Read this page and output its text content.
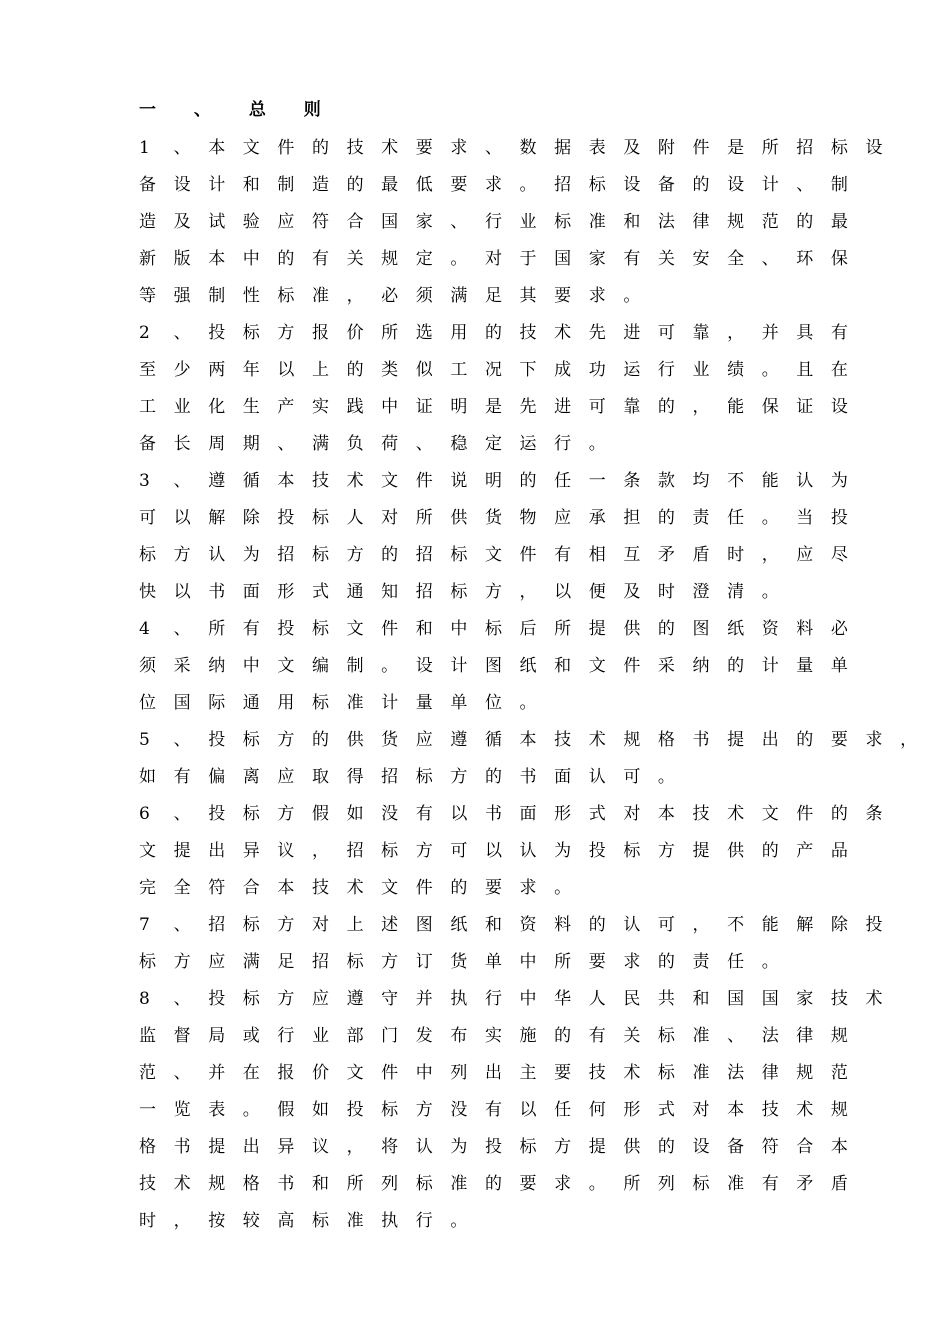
一 、 总 则
1 、 本 文 件 的 技 术 要 求 、 数 据 表 及 附 件 是 所 招 标 设
备 设 计 和 制 造 的 最 低 要 求 。 招 标 设 备 的 设 计 、 制
造 及 试 验 应 符 合 国 家 、 行 业 标 准 和 法 律 规 范 的 最
新 版 本 中 的 有 关 规 定 。 对 于 国 家 有 关 安 全 、 环 保
等 强 制 性 标 准 ， 必 须 满 足 其 要 求 。
2 、 投 标 方 报 价 所 选 用 的 技 术 先 进 可 靠 ， 并 具 有
至 少 两 年 以 上 的 类 似 工 况 下 成 功 运 行 业 绩 。 且 在
工 业 化 生 产 实 践 中 证 明 是 先 进 可 靠 的 ， 能 保 证 设
备 长 周 期 、 满 负 荷 、 稳 定 运 行 。
3 、 遵 循 本 技 术 文 件 说 明 的 任 一 条 款 均 不 能 认 为
可 以 解 除 投 标 人 对 所 供 货 物 应 承 担 的 责 任 。 当 投
标 方 认 为 招 标 方 的 招 标 文 件 有 相 互 矛 盾 时 ， 应 尽
快 以 书 面 形 式 通 知 招 标 方 ， 以 便 及 时 澄 清 。
4 、 所 有 投 标 文 件 和 中 标 后 所 提 供 的 图 纸 资 料 必
须 采 纳 中 文 编 制 。 设 计 图 纸 和 文 件 采 纳 的 计 量 单
位 国 际 通 用 标 准 计 量 单 位 。
5 、 投 标 方 的 供 货 应 遵 循 本 技 术 规 格 书 提 出 的 要 求 ，
如 有 偏 离 应 取 得 招 标 方 的 书 面 认 可 。
6 、 投 标 方 假 如 没 有 以 书 面 形 式 对 本 技 术 文 件 的 条
文 提 出 异 议 ， 招 标 方 可 以 认 为 投 标 方 提 供 的 产 品
完 全 符 合 本 技 术 文 件 的 要 求 。
7 、 招 标 方 对 上 述 图 纸 和 资 料 的 认 可 ， 不 能 解 除 投
标 方 应 满 足 招 标 方 订 货 单 中 所 要 求 的 责 任 。
8 、 投 标 方 应 遵 守 并 执 行 中 华 人 民 共 和 国 国 家 技 术
监 督 局 或 行 业 部 门 发 布 实 施 的 有 关 标 准 、 法 律 规
范 、 并 在 报 价 文 件 中 列 出 主 要 技 术 标 准 法 律 规 范
一 览 表 。 假 如 投 标 方 没 有 以 任 何 形 式 对 本 技 术 规
格 书 提 出 异 议 ， 将 认 为 投 标 方 提 供 的 设 备 符 合 本
技 术 规 格 书 和 所 列 标 准 的 要 求 。 所 列 标 准 有 矛 盾
时 ， 按 较 高 标 准 执 行 。
